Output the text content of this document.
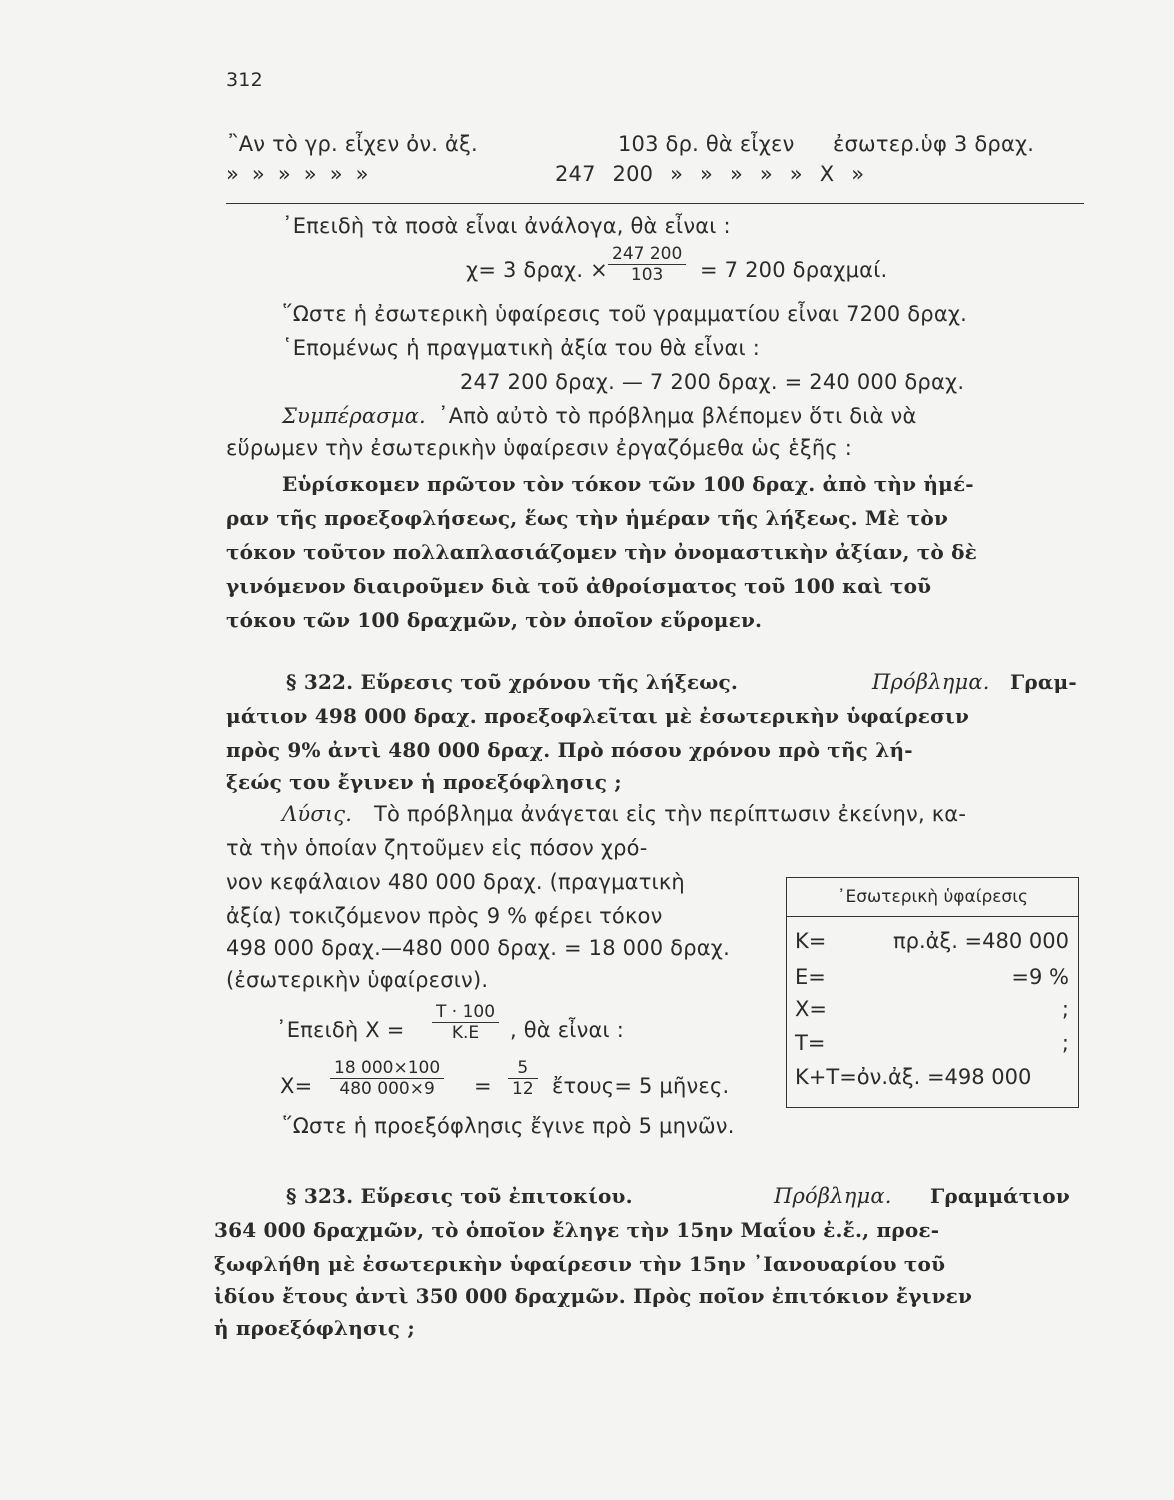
312
῍Αν τὸ γρ. εἶχεν ὀν. ἀξ.	103 δρ. θὰ εἶχεν ἐσωτερ.ὑφ 3 δραχ.
» » » » » »	247 200 » » » » » Χ »
᾿Επειδὴ τὰ ποσὰ εἶναι ἀνάλογα, θὰ εἶναι :
χ= 3 δραχ. × $\frac{247 200}{103} = 7$ 200 δραχμαί.
῞Ωστε ἡ ἐσωτερικὴ ὑφαίρεσις τοῦ γραμματίου εἶναι 7200 δραχ.
῾Επομένως ἡ πραγματικὴ ἀξία του θὰ εἶναι :
247 200 δραχ. — 7 200 δραχ. = 240 000 δραχ.
Συμπέρασμα. ᾿Απὸ αὐτὸ τὸ πρόβλημα βλέπομεν ὅτι διὰ νὰ
εὕρωμεν τὴν ἐσωτερικὴν ὑφαίρεσιν ἐργαζόμεθα ὡς ἑξῆς :
Εὑρίσκομεν πρῶτον τὸν τόκον τῶν 100 δραχ. ἀπὸ τὴν ἡμέ-
ραν τῆς προεξοφλήσεως, ἕως τὴν ἡμέραν τῆς λήξεως. Μὲ τὸν
τόκον τοῦτον πολλαπλασιάζομεν τὴν ὀνομαστικὴν ἀξίαν, τὸ δὲ
γινόμενον διαιροῦμεν διὰ τοῦ ἀθροίσματος τοῦ 100 καὶ τοῦ
τόκου τῶν 100 δραχμῶν, τὸν ὁποῖον εὕρομεν.
§ 322. Εὕρεσις τοῦ χρόνου τῆς λήξεως.	Πρόβλημα. Γραμ-
μάτιον 498 000 δραχ. προεξοφλεῖται μὲ ἐσωτερικὴν ὑφαίρεσιν
πρὸς 9% ἀντὶ 480 000 δραχ. Πρὸ πόσου χρόνου πρὸ τῆς λή-
ξεώς του ἔγινεν ἡ προεξόφλησις ;
Λύσις. Τὸ πρόβλημα ἀνάγεται εἰς τὴν περίπτωσιν ἐκείνην, κα-
τὰ τὴν ὁποίαν ζητοῦμεν εἰς πόσον χρό-
νον κεφάλαιον 480 000 δραχ. (πραγματικὴ
ἀξία) τοκιζόμενον πρὸς 9 % φέρει τόκον
498 000 δραχ.—480 000 δραχ. = 18 000 δραχ.
(ἐσωτερικὴν ὑφαίρεσιν).
᾿Επειδὴ $X = \frac{T \cdot 100}{K.E}$ , θὰ εἶναι :
$X= \frac{18 000\times 100}{480 000\times 9} = \frac{5}{12}$ ἔτους= 5 μῆνες.
῞Ωστε ἡ προεξόφλησις ἔγινε πρὸ 5 μηνῶν.
᾿Εσωτερικὴ ὑφαίρεσις
Κ=	πρ.ἀξ. =480 000
Ε=	=9 %
Χ=	;
Τ=	;
Κ+Τ=ὀν.ἀξ. =498 000
§ 323. Εὕρεσις τοῦ ἐπιτοκίου.	Πρόβλημα. Γραμμάτιον
364 000 δραχμῶν, τὸ ὁποῖον ἔληγε τὴν 15ην Μαΐου ἐ.ἔ., προε-
ξωφλήθη μὲ ἐσωτερικὴν ὑφαίρεσιν τὴν 15ην ᾿Ιανουαρίου τοῦ
ἰδίου ἔτους ἀντὶ 350 000 δραχμῶν. Πρὸς ποῖον ἐπιτόκιον ἔγινεν
ἡ προεξόφλησις ;
